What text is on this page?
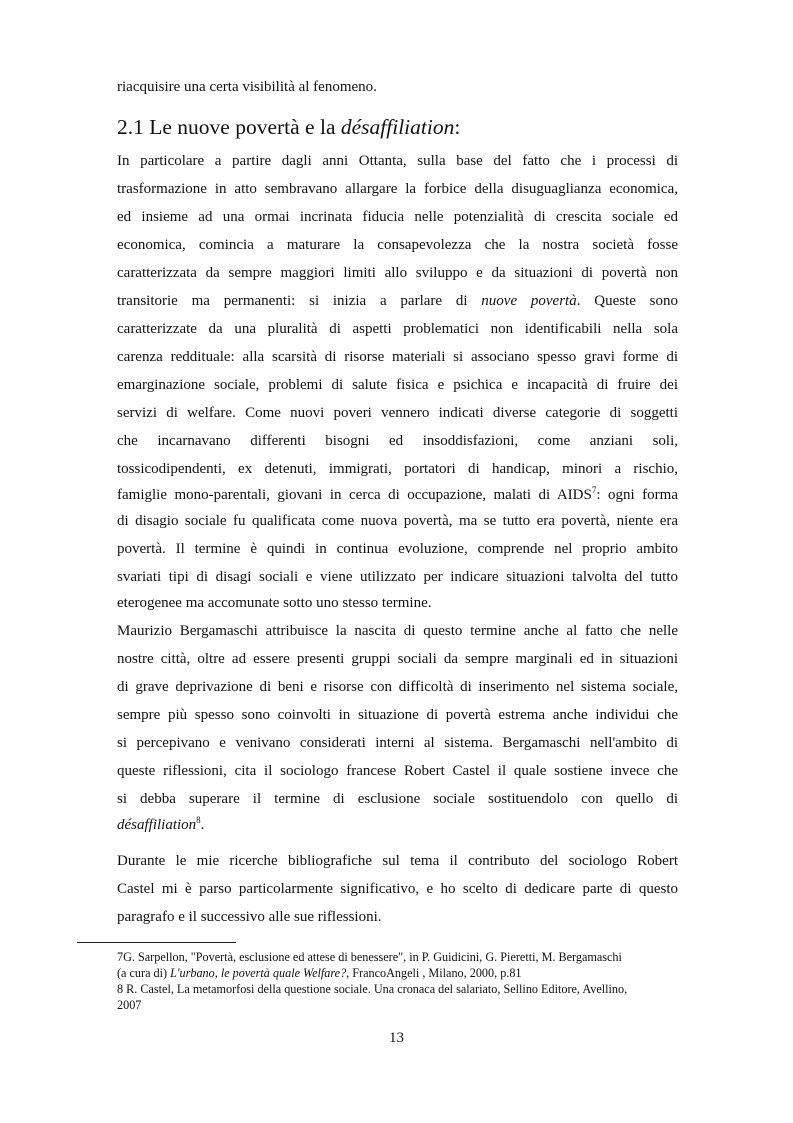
riacquisire una certa visibilità al fenomeno.
2.1 Le nuove povertà e la désaffiliation:
In particolare a partire dagli anni Ottanta, sulla base del fatto che i processi di
trasformazione in atto sembravano allargare la forbice della disuguaglianza economica,
ed insieme ad una ormai incrinata fiducia nelle potenzialità di crescita sociale ed
economica, comincia a maturare la consapevolezza che la nostra società fosse
caratterizzata da sempre maggiori limiti allo sviluppo e da situazioni di povertà non
transitorie ma permanenti: si inizia a parlare di nuove povertà. Queste sono
caratterizzate da una pluralità di aspetti problematici non identificabili nella sola
carenza reddituale: alla scarsità di risorse materiali si associano spesso gravi forme di
emarginazione sociale, problemi di salute fisica e psichica e incapacità di fruire dei
servizi di welfare. Come nuovi poveri vennero indicati diverse categorie di soggetti
che incarnavano differenti bisogni ed insoddisfazioni, come anziani soli,
tossicodipendenti, ex detenuti, immigrati, portatori di handicap, minori a rischio,
famiglie mono-parentali, giovani in cerca di occupazione, malati di AIDS$^7$: ogni forma
di disagio sociale fu qualificata come nuova povertà, ma se tutto era povertà, niente era
povertà. Il termine è quindi in continua evoluzione, comprende nel proprio ambito
svariati tipi di disagi sociali e viene utilizzato per indicare situazioni talvolta del tutto
eterogenee ma accomunate sotto uno stesso termine.
Maurizio Bergamaschi attribuisce la nascita di questo termine anche al fatto che nelle
nostre città, oltre ad essere presenti gruppi sociali da sempre marginali ed in situazioni
di grave deprivazione di beni e risorse con difficoltà di inserimento nel sistema sociale,
sempre più spesso sono coinvolti in situazione di povertà estrema anche individui che
si percepivano e venivano considerati interni al sistema. Bergamaschi nell'ambito di
queste riflessioni, cita il sociologo francese Robert Castel il quale sostiene invece che
si debba superare il termine di esclusione sociale sostituendolo con quello di
désaffiliation$^8$.
Durante le mie ricerche bibliografiche sul tema il contributo del sociologo Robert
Castel mi è parso particolarmente significativo, e ho scelto di dedicare parte di questo
paragrafo e il successivo alle sue riflessioni.
7G. Sarpellon, "Povertà, esclusione ed attese di benessere", in P. Guidicini, G. Pieretti, M. Bergamaschi
(a cura di) L'urbano, le povertà quale Welfare?, FrancoAngeli , Milano, 2000, p.81
8 R. Castel, La metamorfosi della questione sociale. Una cronaca del salariato, Sellino Editore, Avellino,
2007
13
